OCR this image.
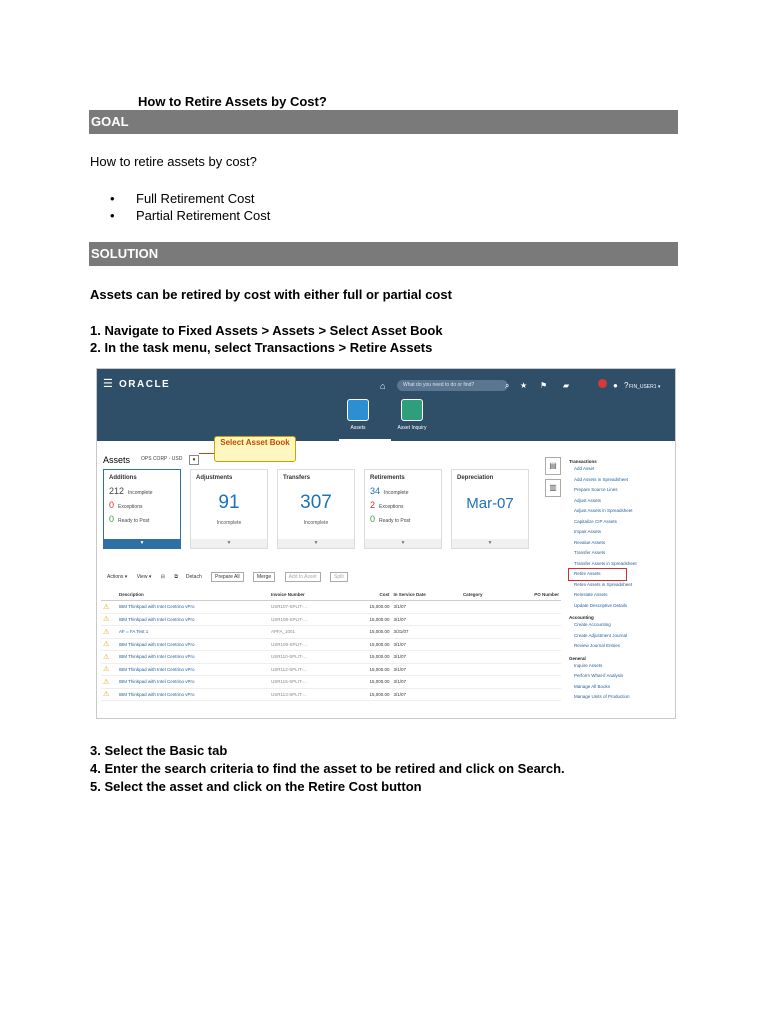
How to Retire Assets by Cost?
GOAL
How to retire assets by cost?
• Full Retirement Cost
• Partial Retirement Cost
SOLUTION
Assets can be retired by cost with either full or partial cost
1. Navigate to Fixed Assets > Assets > Select Asset Book
2. In the task menu, select Transactions > Retire Assets
☰ ORACLE	⌂	What do you need to do or find?	⌕ ★ ⚑ ▰	● ? FIN_USER1 ▾
Assets	Asset Inquiry
Assets OPS CORP - USD	▾
Select Asset Book
Additions
212 Incomplete
0 Exceptions
0 Ready to Post
▼
Adjustments
91
Incomplete
▼
Transfers
307
Incomplete
▼
Retirements
34 Incomplete
2 Exceptions
0 Ready to Post
▼
Depreciation
Mar-07
▼
▤
▥
Transactions
Add Asset
Add Assets in Spreadsheet
Prepare Source Lines
Adjust Assets
Adjust Assets in Spreadsheet
Capitalize CIP Assets
Impair Assets
Revalue Assets
Transfer Assets
Transfer Assets in Spreadsheet
Retire Assets
Retire Assets in Spreadsheet
Reinstate Assets
Update Descriptive Details
Accounting
Create Accounting
Create Adjustment Journal
Review Journal Entries
General
Inquire Assets
Perform What-if Analysis
Manage All Books
Manage Units of Production
Actions ▾ View ▾ ⊟ ⧉ Detach	Prepare All	Merge	Add to Asset	Split
	Description	Invoice Number	Cost	In Service Date	Category	PO Number
⚠	IBM Thinkpad with Intel Centrino vPro	USR107-SPLIT-...	15,000.00	3/1/07		
⚠	IBM Thinkpad with Intel Centrino vPro	USR108-SPLIT-...	15,000.00	3/1/07		
⚠	AF = FA Test 1	APFA_1001	15,000.00	3/31/07		
⚠	IBM Thinkpad with Intel Centrino vPro	USR109-SPLIT-...	15,000.00	3/1/07		
⚠	IBM Thinkpad with Intel Centrino vPro	USR110-SPLIT-...	15,000.00	3/1/07		
⚠	IBM Thinkpad with Intel Centrino vPro	USR112-SPLIT-...	15,000.00	3/1/07		
⚠	IBM Thinkpad with Intel Centrino vPro	USR115-SPLIT-...	15,000.00	3/1/07		
⚠	IBM Thinkpad with Intel Centrino vPro	USR113-SPLIT-...	15,000.00	3/1/07		
3. Select the Basic tab
4. Enter the search criteria to find the asset to be retired and click on Search.
5. Select the asset and click on the Retire Cost button
